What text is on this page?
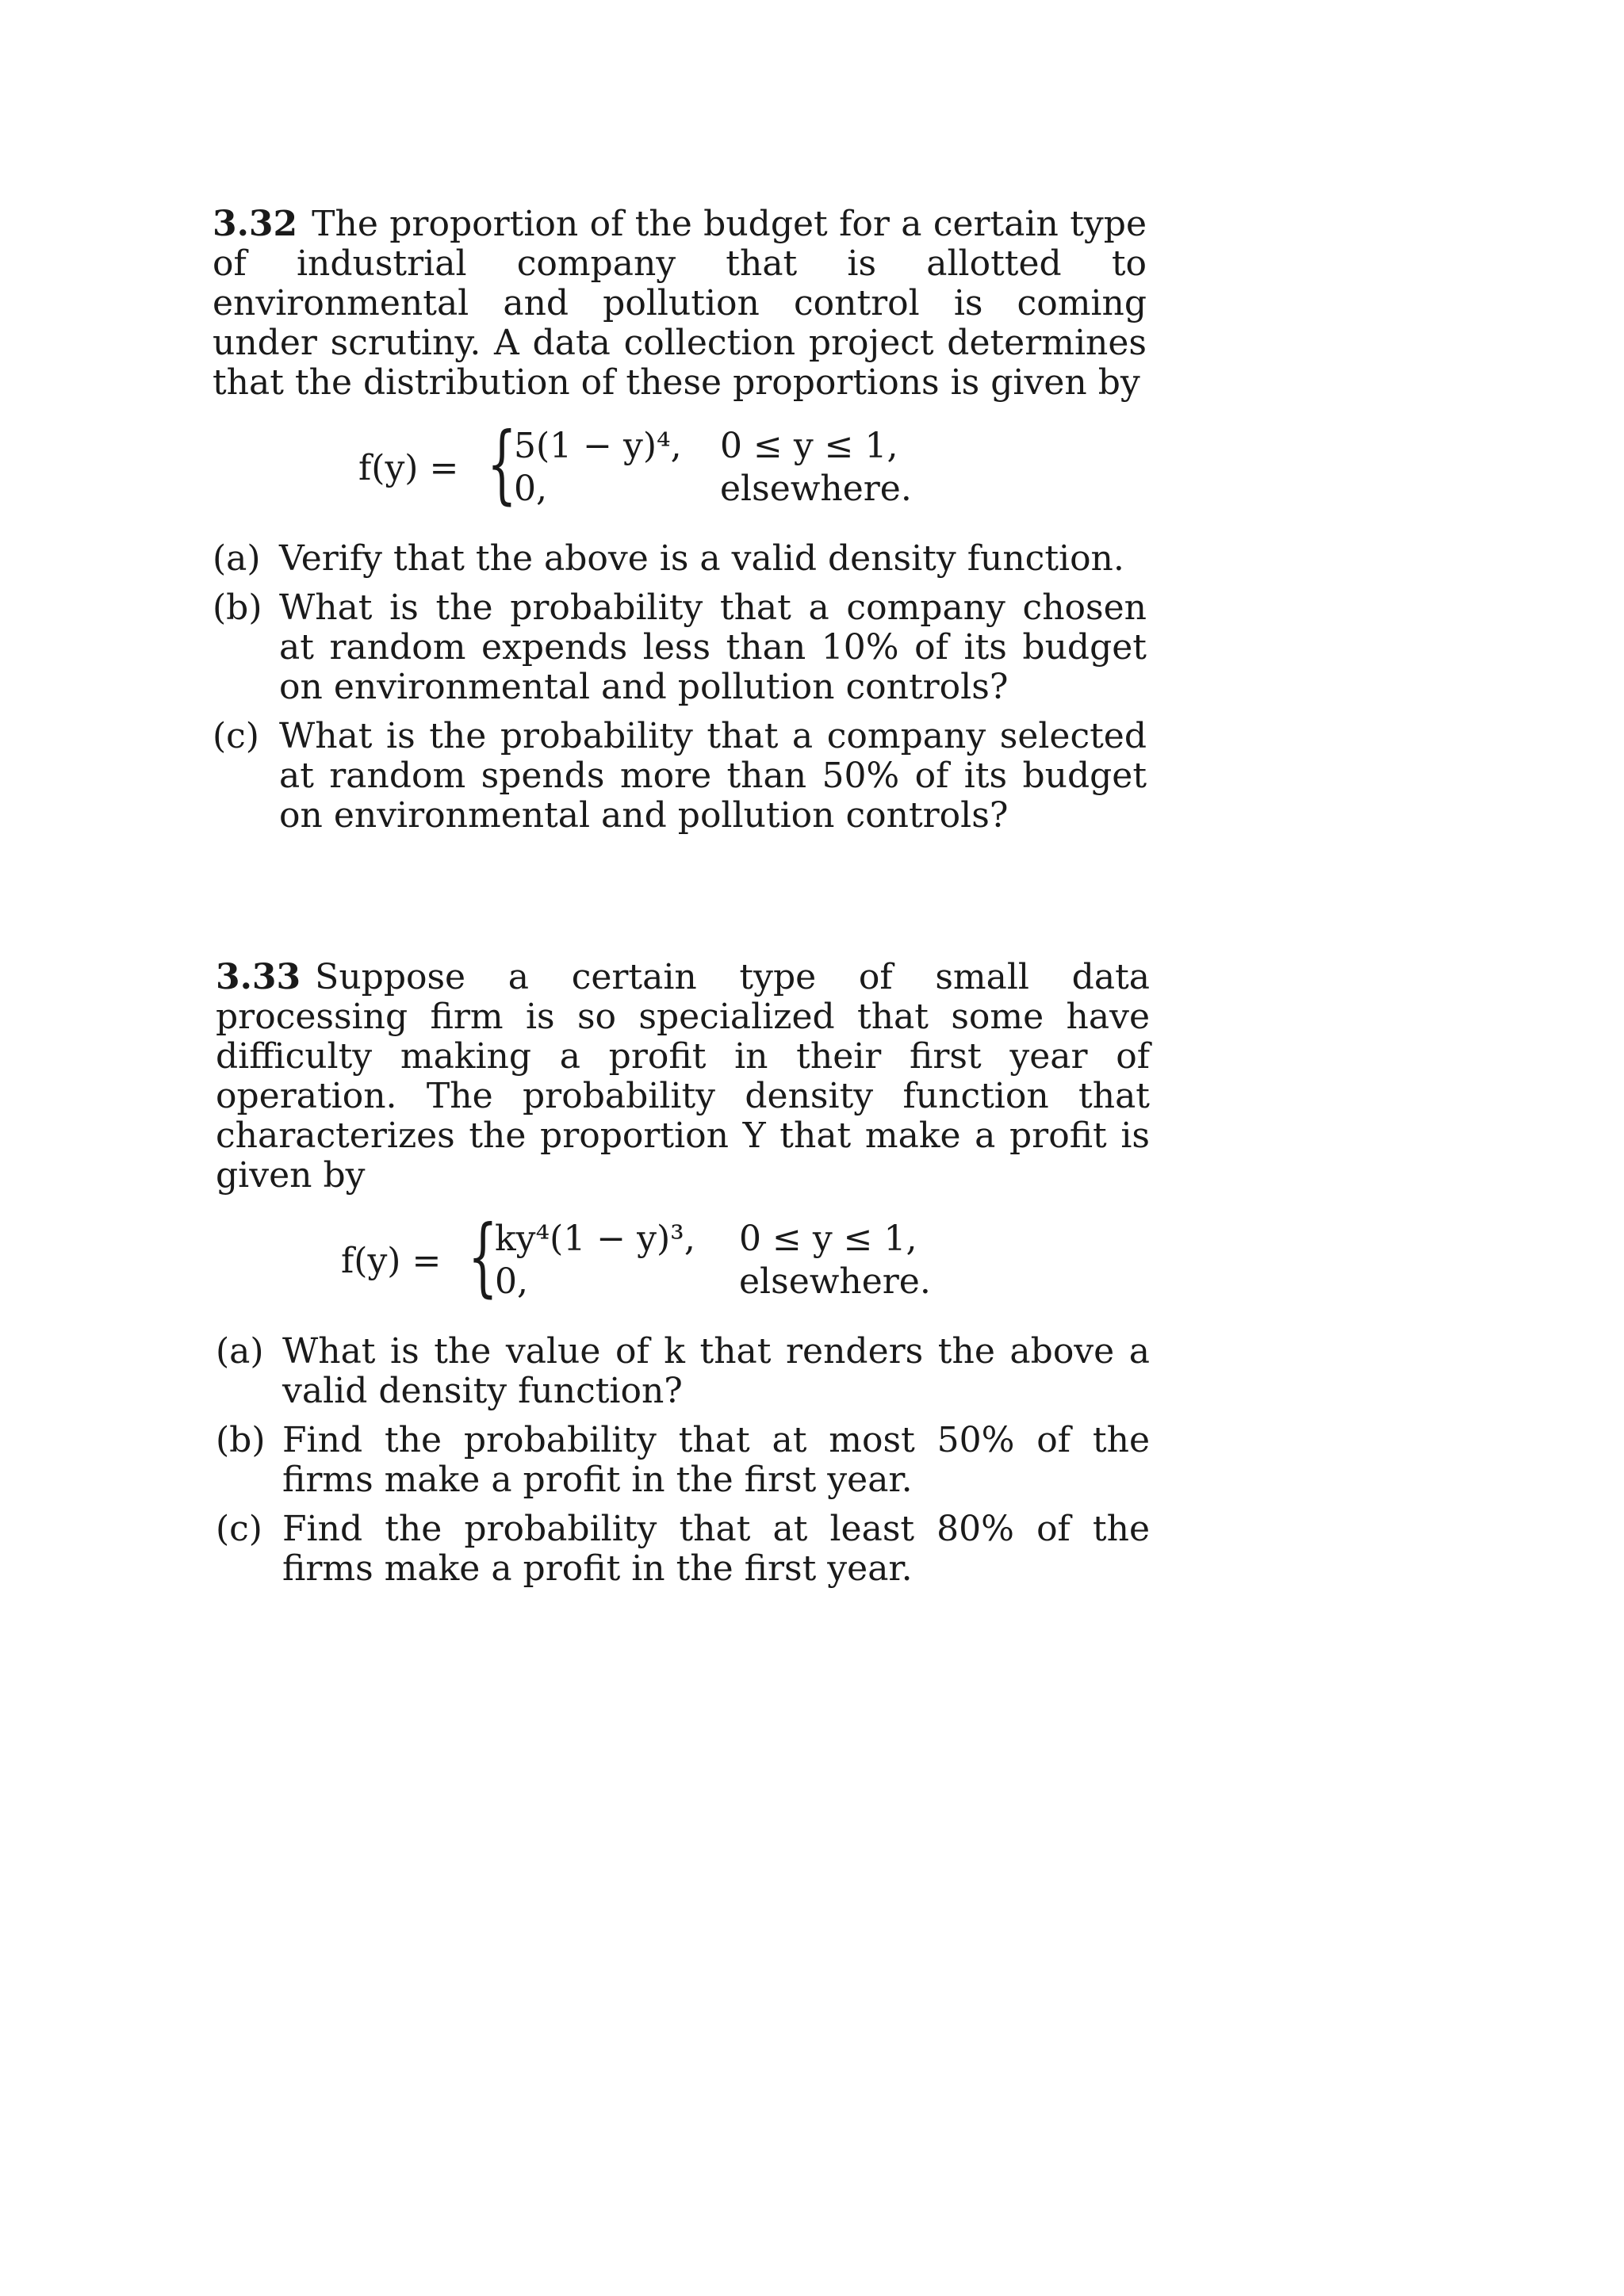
3.32 The proportion of the budget for a certain type of industrial company that is allotted to environmental and pollution control is coming under scrutiny. A data collection project determines that the distribution of these proportions is given by

f(y) = {
5(1 − y)⁴, 0 ≤ y ≤ 1,
0,	elsewhere.
(a) Verify that the above is a valid density function.
(b) What is the probability that a company chosen at random expends less than 10% of its budget on environmental and pollution controls?
(c) What is the probability that a company selected at random spends more than 50% of its budget on environmental and pollution controls?

3.33 Suppose a certain type of small data processing firm is so specialized that some have difficulty making a profit in their first year of operation. The probability density function that characterizes the proportion Y that make a profit is given by

f(y) = {
ky⁴(1 − y)³, 0 ≤ y ≤ 1,
0,	elsewhere.
(a) What is the value of k that renders the above a valid density function?
(b) Find the probability that at most 50% of the firms make a profit in the first year.
(c) Find the probability that at least 80% of the firms make a profit in the first year.
